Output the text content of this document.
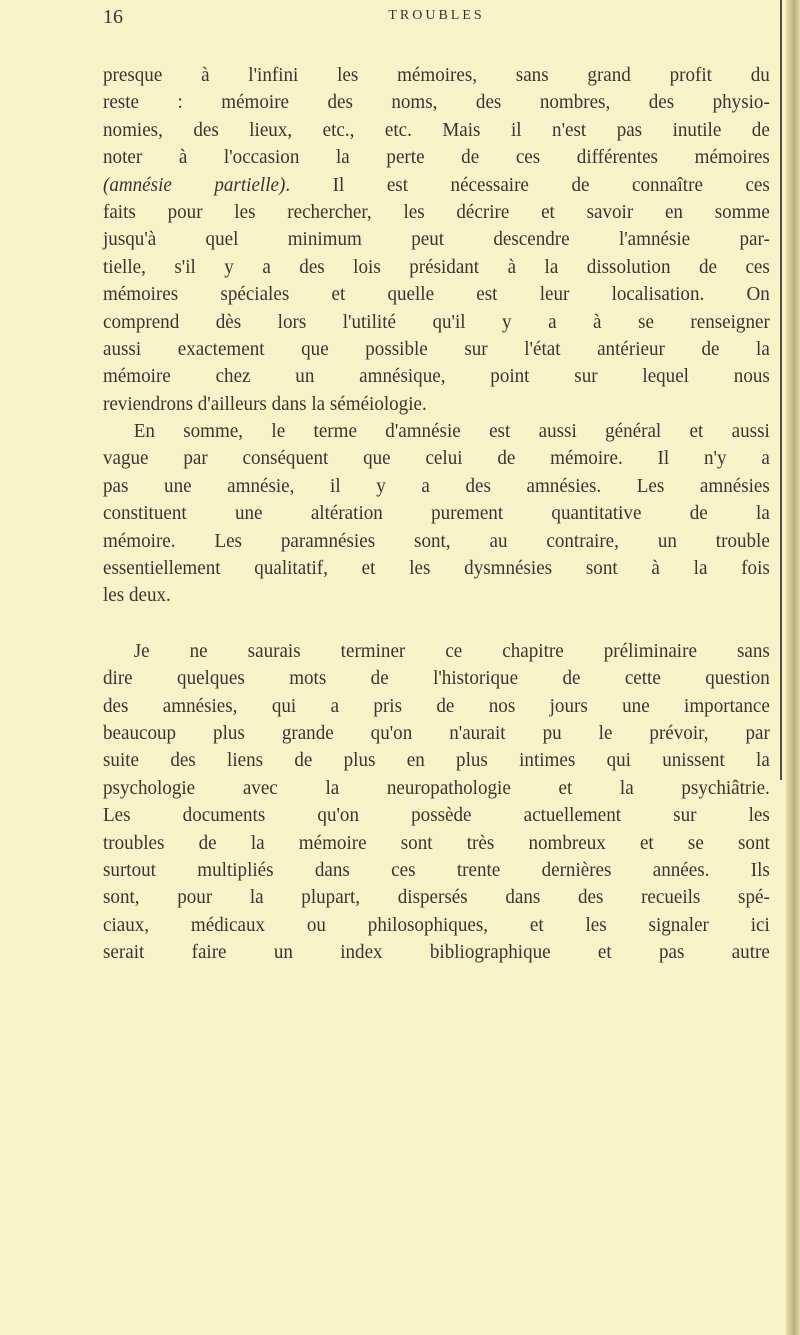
16	TROUBLES
presque à l'infini les mémoires, sans grand profit du
reste : mémoire des noms, des nombres, des physio-
nomies, des lieux, etc., etc. Mais il n'est pas inutile de
noter à l'occasion la perte de ces différentes mémoires
(amnésie partielle). Il est nécessaire de connaître ces
faits pour les rechercher, les décrire et savoir en somme
jusqu'à quel minimum peut descendre l'amnésie par-
tielle, s'il y a des lois présidant à la dissolution de ces
mémoires spéciales et quelle est leur localisation. On
comprend dès lors l'utilité qu'il y a à se renseigner
aussi exactement que possible sur l'état antérieur de la
mémoire chez un amnésique, point sur lequel nous
reviendrons d'ailleurs dans la séméiologie.
En somme, le terme d'amnésie est aussi général et aussi
vague par conséquent que celui de mémoire. Il n'y a
pas une amnésie, il y a des amnésies. Les amnésies
constituent une altération purement quantitative de la
mémoire. Les paramnésies sont, au contraire, un trouble
essentiellement qualitatif, et les dysmnésies sont à la fois
les deux.
Je ne saurais terminer ce chapitre préliminaire sans
dire quelques mots de l'historique de cette question
des amnésies, qui a pris de nos jours une importance
beaucoup plus grande qu'on n'aurait pu le prévoir, par
suite des liens de plus en plus intimes qui unissent la
psychologie avec la neuropathologie et la psychiâtrie.
Les documents qu'on possède actuellement sur les
troubles de la mémoire sont très nombreux et se sont
surtout multipliés dans ces trente dernières années. Ils
sont, pour la plupart, dispersés dans des recueils spé-
ciaux, médicaux ou philosophiques, et les signaler ici
serait faire un index bibliographique et pas autre
